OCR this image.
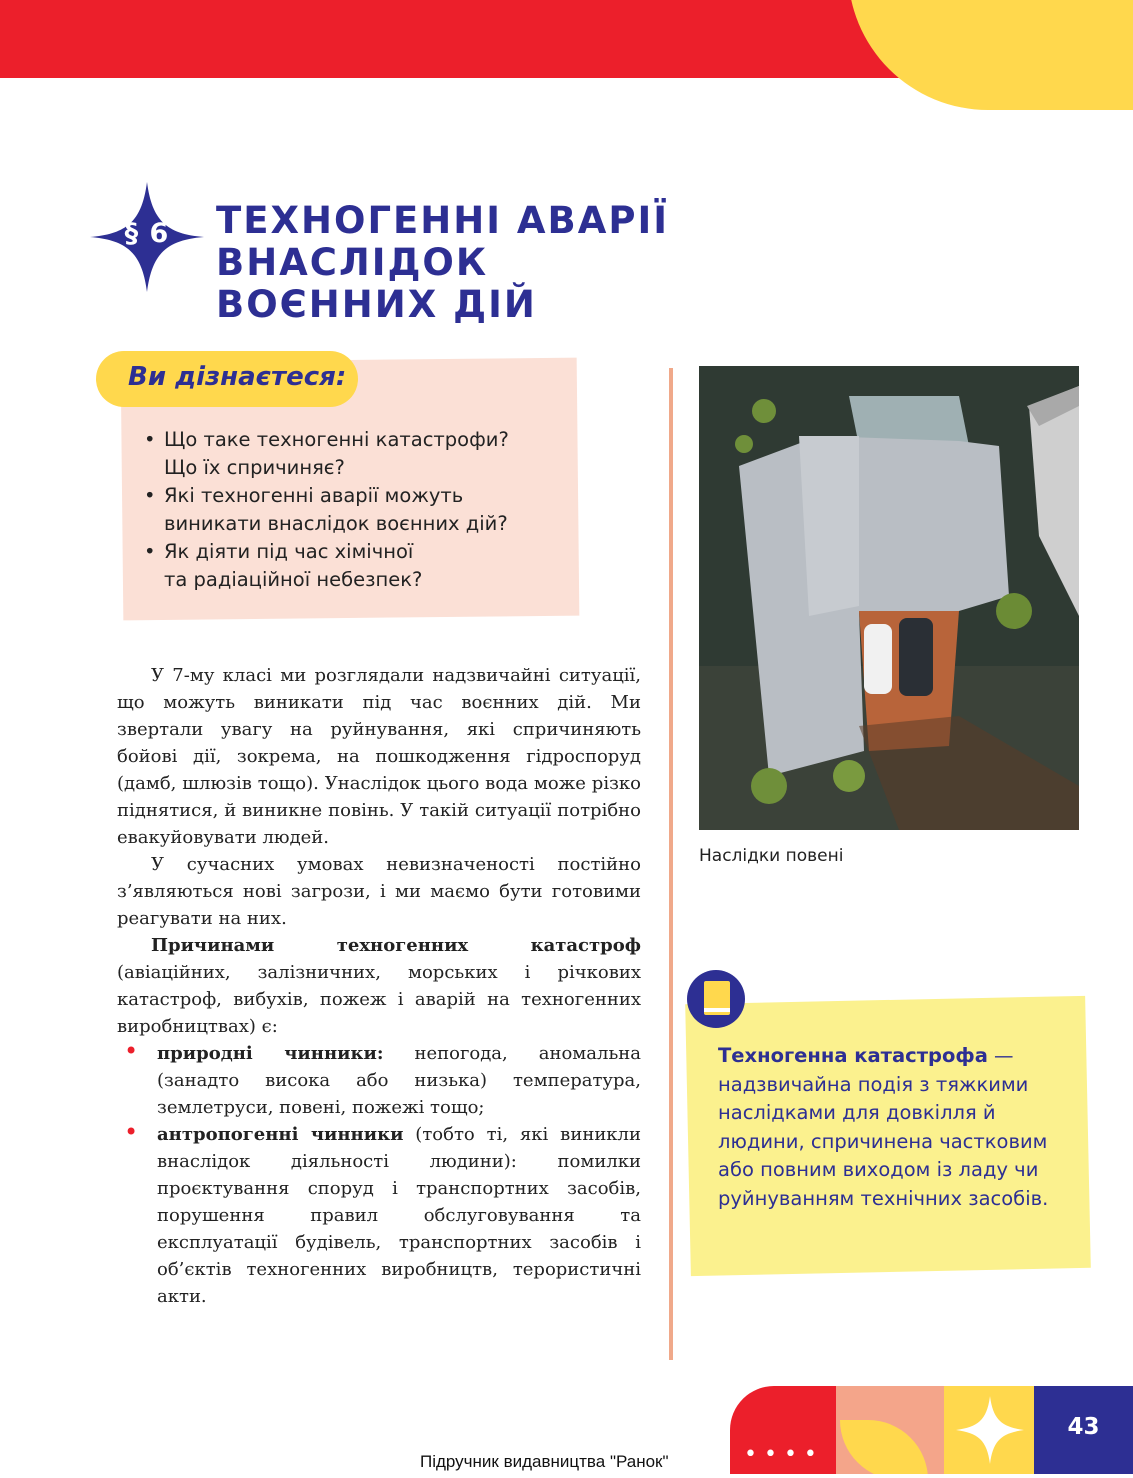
§ 6	ТЕХНОГЕННІ АВАРІЇ ВНАСЛІДОК
ВОЄННИХ ДІЙ
Ви дізнаєтеся:
• Що таке техногенні катастрофи?
Що їх спричиняє?
• Які техногенні аварії можуть
виникати внаслідок воєнних дій?
• Як діяти під час хімічної
та радіаційної небезпек?

У 7-му класі ми розглядали надзвичайні ситуації, що можуть виникати під час воєнних дій. Ми звертали увагу на руйнування, які спричиняють бойові дії, зокрема, на пошкодження гідроспоруд (дамб, шлюзів тощо). Унаслідок цього вода може різко піднятися, й виникне повінь. У такій ситуації потрібно евакуйовувати людей.

У сучасних умовах невизначеності постійно з’являються нові загрози, і ми маємо бути готовими реагувати на них.

Причинами техногенних катастроф (авіаційних, залізничних, морських і річкових катастроф, вибухів, пожеж і аварій на техногенних виробництвах) є:

• природні чинники: непогода, аномальна (занадто висока або низька) температура, землетруси, повені, пожежі тощо;
• антропогенні чинники (тобто ті, які виникли внаслідок діяльності людини): помилки проєктування споруд і транспортних засобів, порушення правил обслуговування та експлуатації будівель, транспортних засобів і об’єктів техногенних виробництв, терористичні акти.
Наслідки повені
Техногенна катастрофа — надзвичайна подія з тяжкими наслідками для довкілля й людини, спричинена частковим або повним виходом із ладу чи руйнуванням технічних засобів.
••••
43
Підручник видавництва "Ранок"
